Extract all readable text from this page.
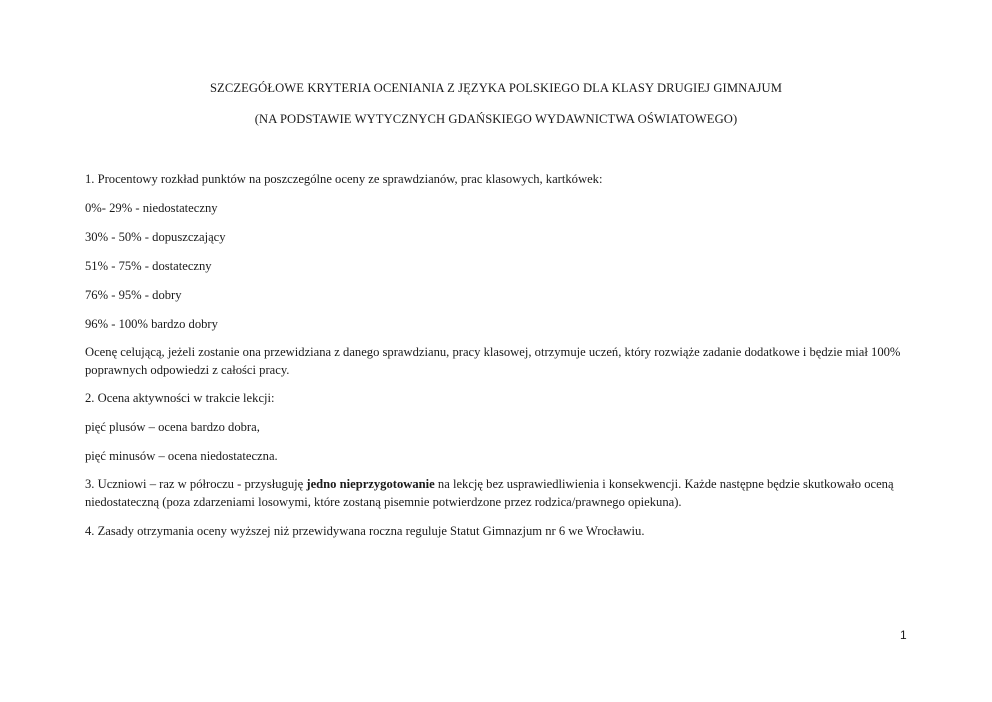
SZCZEGÓŁOWE KRYTERIA OCENIANIA Z JĘZYKA POLSKIEGO DLA KLASY DRUGIEJ GIMNAJUM
(NA PODSTAWIE WYTYCZNYCH GDAŃSKIEGO WYDAWNICTWA OŚWIATOWEGO)
1. Procentowy rozkład punktów na poszczególne oceny ze sprawdzianów, prac klasowych, kartkówek:
0%- 29% - niedostateczny
30% - 50% - dopuszczający
51% - 75% - dostateczny
76% - 95% - dobry
96% - 100% bardzo dobry
Ocenę celującą, jeżeli zostanie ona przewidziana z danego sprawdzianu, pracy klasowej, otrzymuje uczeń, który rozwiąże zadanie dodatkowe i będzie miał 100% poprawnych odpowiedzi z całości pracy.
2. Ocena aktywności w trakcie lekcji:
pięć plusów – ocena bardzo dobra,
pięć minusów – ocena niedostateczna.
3. Uczniowi – raz w półroczu - przysługuję jedno nieprzygotowanie na lekcję bez usprawiedliwienia i konsekwencji. Każde następne będzie skutkowało oceną niedostateczną (poza zdarzeniami losowymi, które zostaną pisemnie potwierdzone przez rodzica/prawnego opiekuna).
4. Zasady otrzymania oceny wyższej niż przewidywana roczna reguluje Statut Gimnazjum nr 6 we Wrocławiu.
1
